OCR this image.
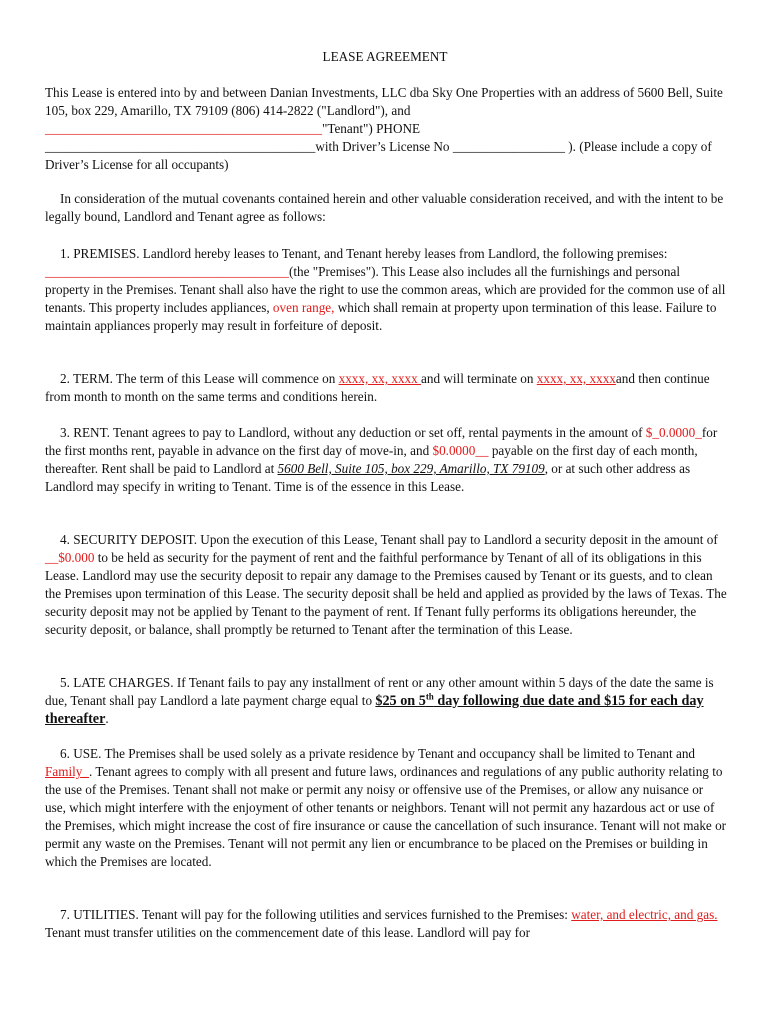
LEASE AGREEMENT
This Lease is entered into by and between Danian Investments, LLC dba Sky One Properties with an address of 5600 Bell, Suite 105, box 229, Amarillo, TX 79109 (806) 414-2822 ("Landlord"), and
__________________________________________"Tenant") PHONE
_________________________________________with Driver’s License No _________________ ). (Please include a copy of Driver’s License for all occupants)
In consideration of the mutual covenants contained herein and other valuable consideration received, and with the intent to be legally bound, Landlord and Tenant agree as follows:
1. PREMISES. Landlord hereby leases to Tenant, and Tenant hereby leases from Landlord, the following premises: _____________________________________(the "Premises"). This Lease also includes all the furnishings and personal property in the Premises. Tenant shall also have the right to use the common areas, which are provided for the common use of all tenants. This property includes appliances, oven range, which shall remain at property upon termination of this lease. Failure to maintain appliances properly may result in forfeiture of deposit.
2. TERM. The term of this Lease will commence on xxxx, xx, xxxx and will terminate on xxxx, xx, xxxxand then continue from month to month on the same terms and conditions herein.
3. RENT. Tenant agrees to pay to Landlord, without any deduction or set off, rental payments in the amount of $_0.0000_for the first months rent, payable in advance on the first day of move-in, and $0.0000__ payable on the first day of each month, thereafter. Rent shall be paid to Landlord at 5600 Bell, Suite 105, box 229, Amarillo, TX 79109, or at such other address as Landlord may specify in writing to Tenant. Time is of the essence in this Lease.
4. SECURITY DEPOSIT. Upon the execution of this Lease, Tenant shall pay to Landlord a security deposit in the amount of __$0.000 to be held as security for the payment of rent and the faithful performance by Tenant of all of its obligations in this Lease. Landlord may use the security deposit to repair any damage to the Premises caused by Tenant or its guests, and to clean the Premises upon termination of this Lease. The security deposit shall be held and applied as provided by the laws of Texas. The security deposit may not be applied by Tenant to the payment of rent. If Tenant fully performs its obligations hereunder, the security deposit, or balance, shall promptly be returned to Tenant after the termination of this Lease.
5. LATE CHARGES. If Tenant fails to pay any installment of rent or any other amount within 5 days of the date the same is due, Tenant shall pay Landlord a late payment charge equal to $25 on 5th day following due date and $15 for each day thereafter.
6. USE. The Premises shall be used solely as a private residence by Tenant and occupancy shall be limited to Tenant and Family_. Tenant agrees to comply with all present and future laws, ordinances and regulations of any public authority relating to the use of the Premises. Tenant shall not make or permit any noisy or offensive use of the Premises, or allow any nuisance or use, which might interfere with the enjoyment of other tenants or neighbors. Tenant will not permit any hazardous act or use of the Premises, which might increase the cost of fire insurance or cause the cancellation of such insurance. Tenant will not make or permit any waste on the Premises. Tenant will not permit any lien or encumbrance to be placed on the Premises or building in which the Premises are located.
7. UTILITIES. Tenant will pay for the following utilities and services furnished to the Premises: water, and electric, and gas. Tenant must transfer utilities on the commencement date of this lease. Landlord will pay for
